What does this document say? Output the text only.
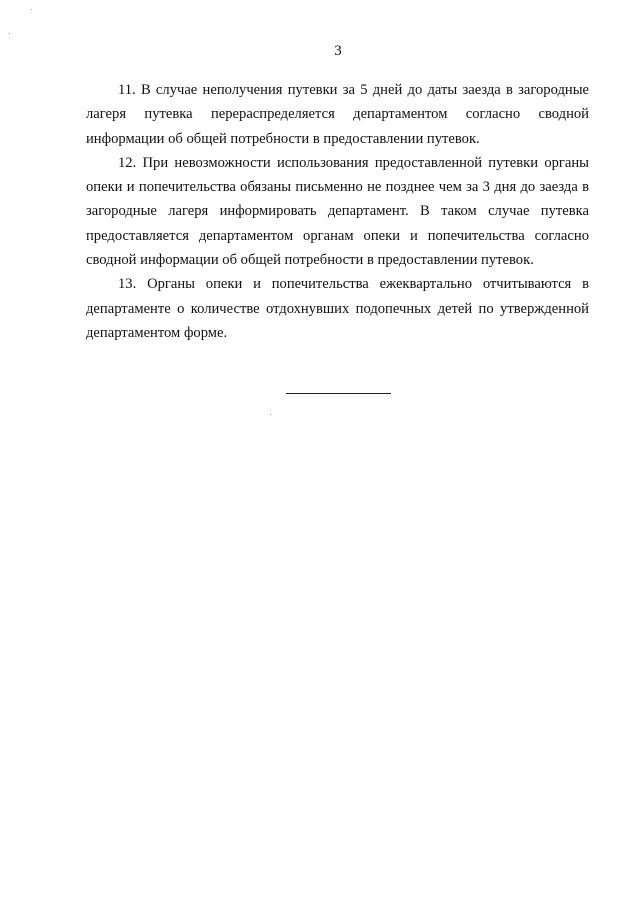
3

11. В случае неполучения путевки за 5 дней до даты заезда в загородные лагеря путевка перераспределяется департаментом согласно сводной информации об общей потребности в предоставлении путевок.

12. При невозможности использования предоставленной путевки органы опеки и попечительства обязаны письменно не позднее чем за 3 дня до заезда в загородные лагеря информировать департамент. В таком случае путевка предоставляется департаментом органам опеки и попечительства согласно сводной информации об общей потребности в предоставлении путевок.

13. Органы опеки и попечительства ежеквартально отчитываются в департаменте о количестве отдохнувших подопечных детей по утвержденной департаментом форме.
